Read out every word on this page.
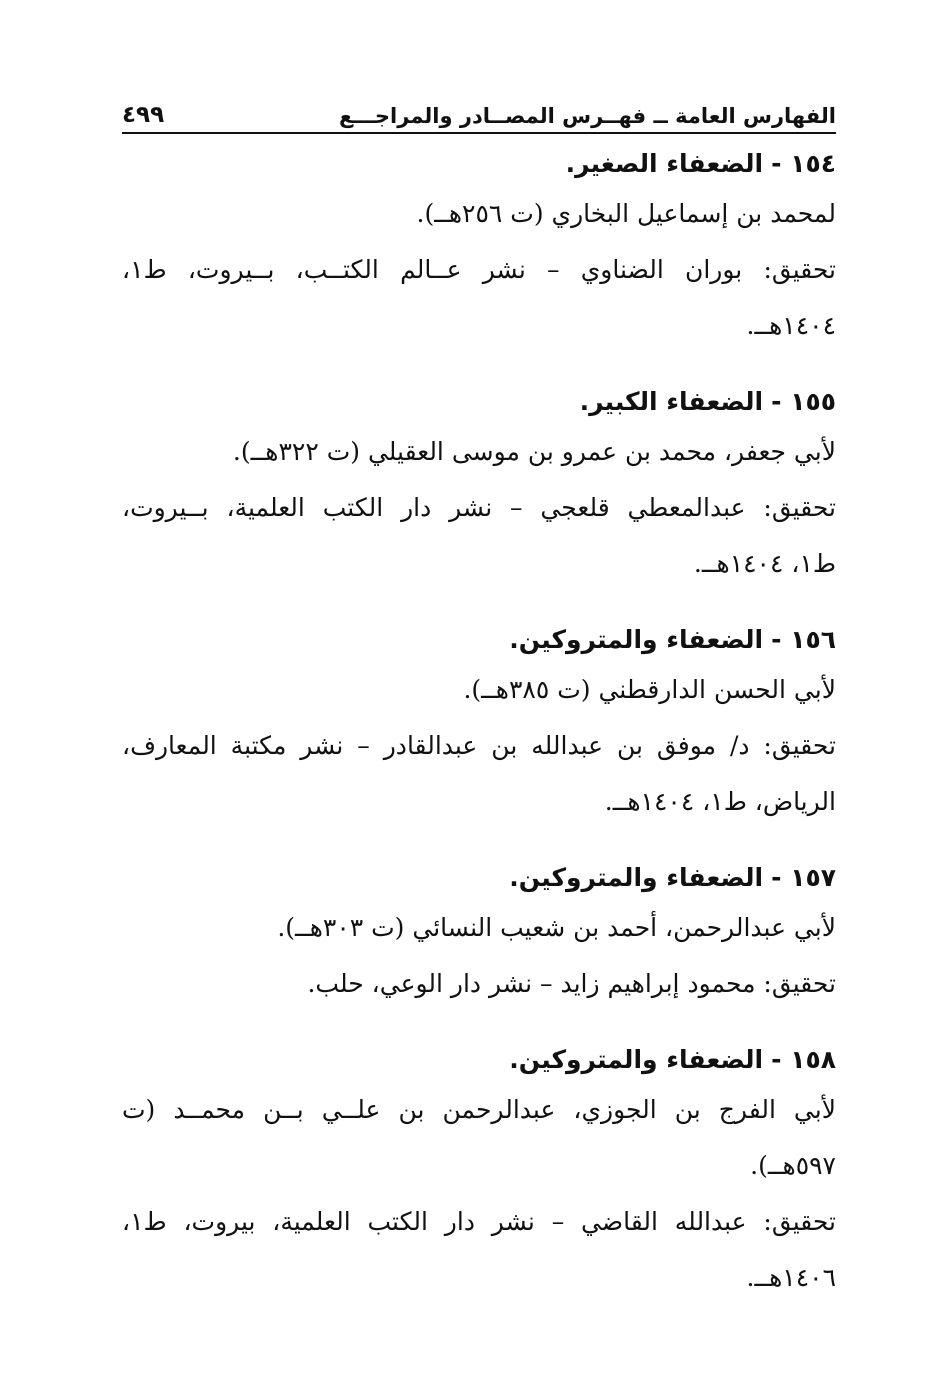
الفهارس العامة ــ فهــرس المصــادر والمراجـــع
٤٩٩
١٥٤ -
الضعفاء الصغير.
لمحمد بن إسماعيل البخاري (ت ٢٥٦هــ).
تحقيق: بوران الضناوي – نشر عــالم الكتــب، بــيروت، ط١،
١٤٠٤هــ.
١٥٥ -
الضعفاء الكبير.
لأبي جعفر، محمد بن عمرو بن موسى العقيلي (ت ٣٢٢هــ).
تحقيق: عبدالمعطي قلعجي – نشر دار الكتب العلمية، بــيروت،
ط١، ١٤٠٤هــ.
١٥٦ -
الضعفاء والمتروكين.
لأبي الحسن الدارقطني (ت ٣٨٥هــ).
تحقيق: د/ موفق بن عبدالله بن عبدالقادر – نشر مكتبة المعارف،
الرياض، ط١، ١٤٠٤هــ.
١٥٧ -
الضعفاء والمتروكين.
لأبي عبدالرحمن، أحمد بن شعيب النسائي (ت ٣٠٣هــ).
تحقيق: محمود إبراهيم زايد – نشر دار الوعي، حلب.
١٥٨ -
الضعفاء والمتروكين.
لأبي الفرج بن الجوزي، عبدالرحمن بن علــي بــن محمــد (ت
٥٩٧هــ).
تحقيق: عبدالله القاضي – نشر دار الكتب العلمية، بيروت، ط١،
١٤٠٦هــ.
